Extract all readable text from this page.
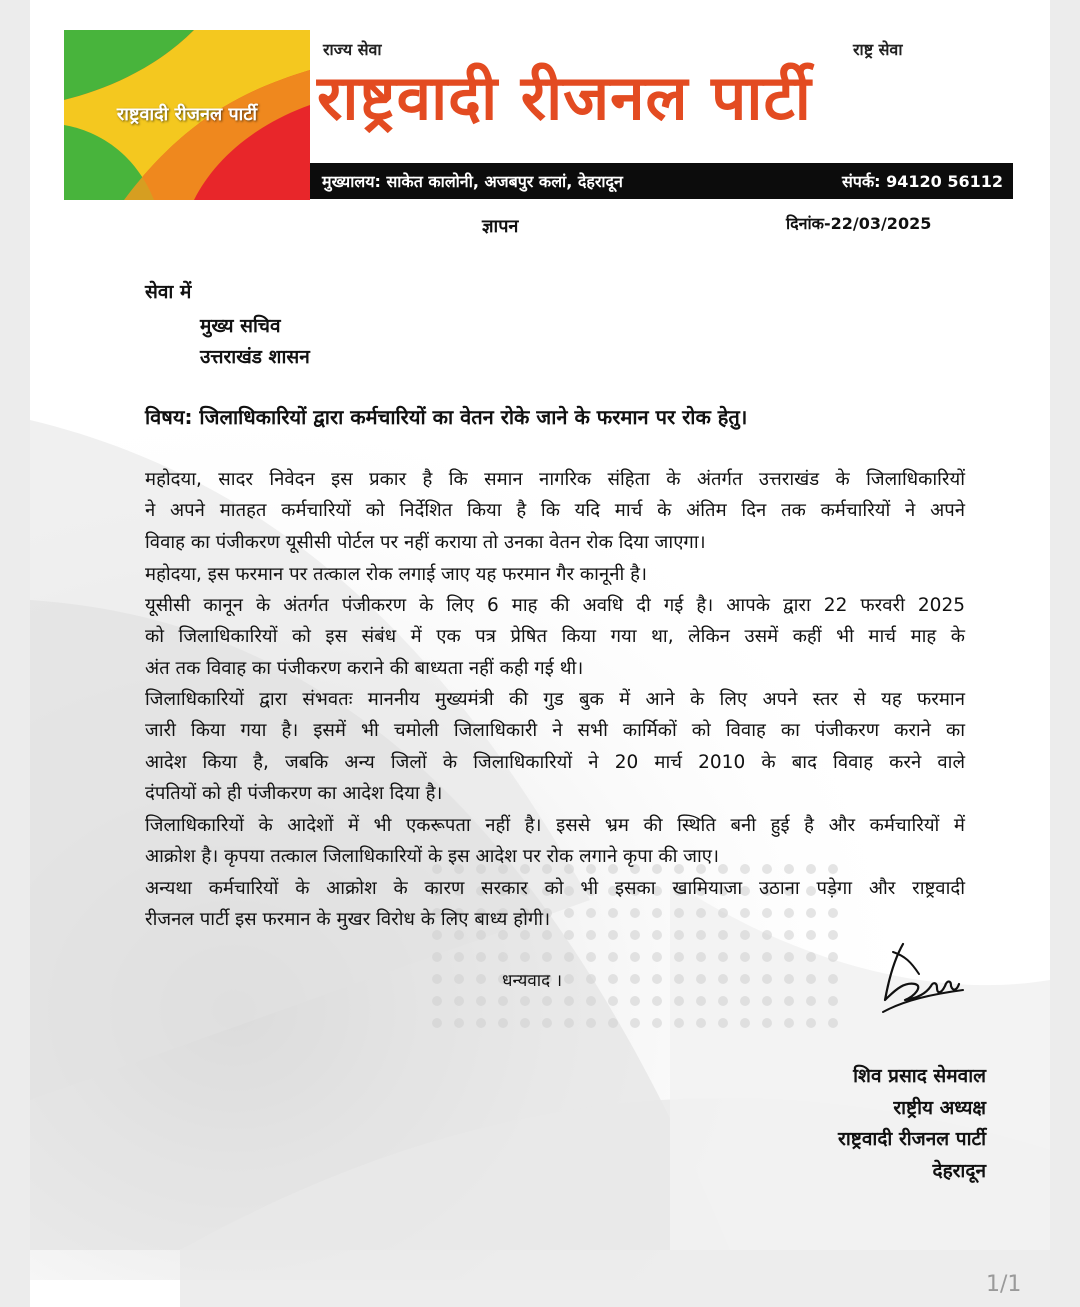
राष्ट्रवादी रीजनल पार्टी
राज्य सेवा	राष्ट्र सेवा
राष्ट्रवादी रीजनल पार्टी
मुख्यालय: साकेत कालोनी, अजबपुर कलां, देहरादून	संपर्क: 94120 56112
ज्ञापन	दिनांक-22/03/2025
सेवा में
मुख्य सचिव
उत्तराखंड शासन
विषय: जिलाधिकारियों द्वारा कर्मचारियों का वेतन रोके जाने के फरमान पर रोक हेतु।
महोदया, सादर निवेदन इस प्रकार है कि समान नागरिक संहिता के अंतर्गत उत्तराखंड के जिलाधिकारियों
ने अपने मातहत कर्मचारियों को निर्देशित किया है कि यदि मार्च के अंतिम दिन तक कर्मचारियों ने अपने
विवाह का पंजीकरण यूसीसी पोर्टल पर नहीं कराया तो उनका वेतन रोक दिया जाएगा।
महोदया, इस फरमान पर तत्काल रोक लगाई जाए यह फरमान गैर कानूनी है।
यूसीसी कानून के अंतर्गत पंजीकरण के लिए 6 माह की अवधि दी गई है। आपके द्वारा 22 फरवरी 2025
को जिलाधिकारियों को इस संबंध में एक पत्र प्रेषित किया गया था, लेकिन उसमें कहीं भी मार्च माह के
अंत तक विवाह का पंजीकरण कराने की बाध्यता नहीं कही गई थी।
जिलाधिकारियों द्वारा संभवतः माननीय मुख्यमंत्री की गुड बुक में आने के लिए अपने स्तर से यह फरमान
जारी किया गया है। इसमें भी चमोली जिलाधिकारी ने सभी कार्मिकों को विवाह का पंजीकरण कराने का
आदेश किया है, जबकि अन्य जिलों के जिलाधिकारियों ने 20 मार्च 2010 के बाद विवाह करने वाले
दंपतियों को ही पंजीकरण का आदेश दिया है।
जिलाधिकारियों के आदेशों में भी एकरूपता नहीं है। इससे भ्रम की स्थिति बनी हुई है और कर्मचारियों में
आक्रोश है। कृपया तत्काल जिलाधिकारियों के इस आदेश पर रोक लगाने कृपा की जाए।
अन्यथा कर्मचारियों के आक्रोश के कारण सरकार को भी इसका खामियाजा उठाना पड़ेगा और राष्ट्रवादी
रीजनल पार्टी इस फरमान के मुखर विरोध के लिए बाध्य होगी।
धन्यवाद ।
शिव प्रसाद सेमवाल
राष्ट्रीय अध्यक्ष
राष्ट्रवादी रीजनल पार्टी
देहरादून
1/1
